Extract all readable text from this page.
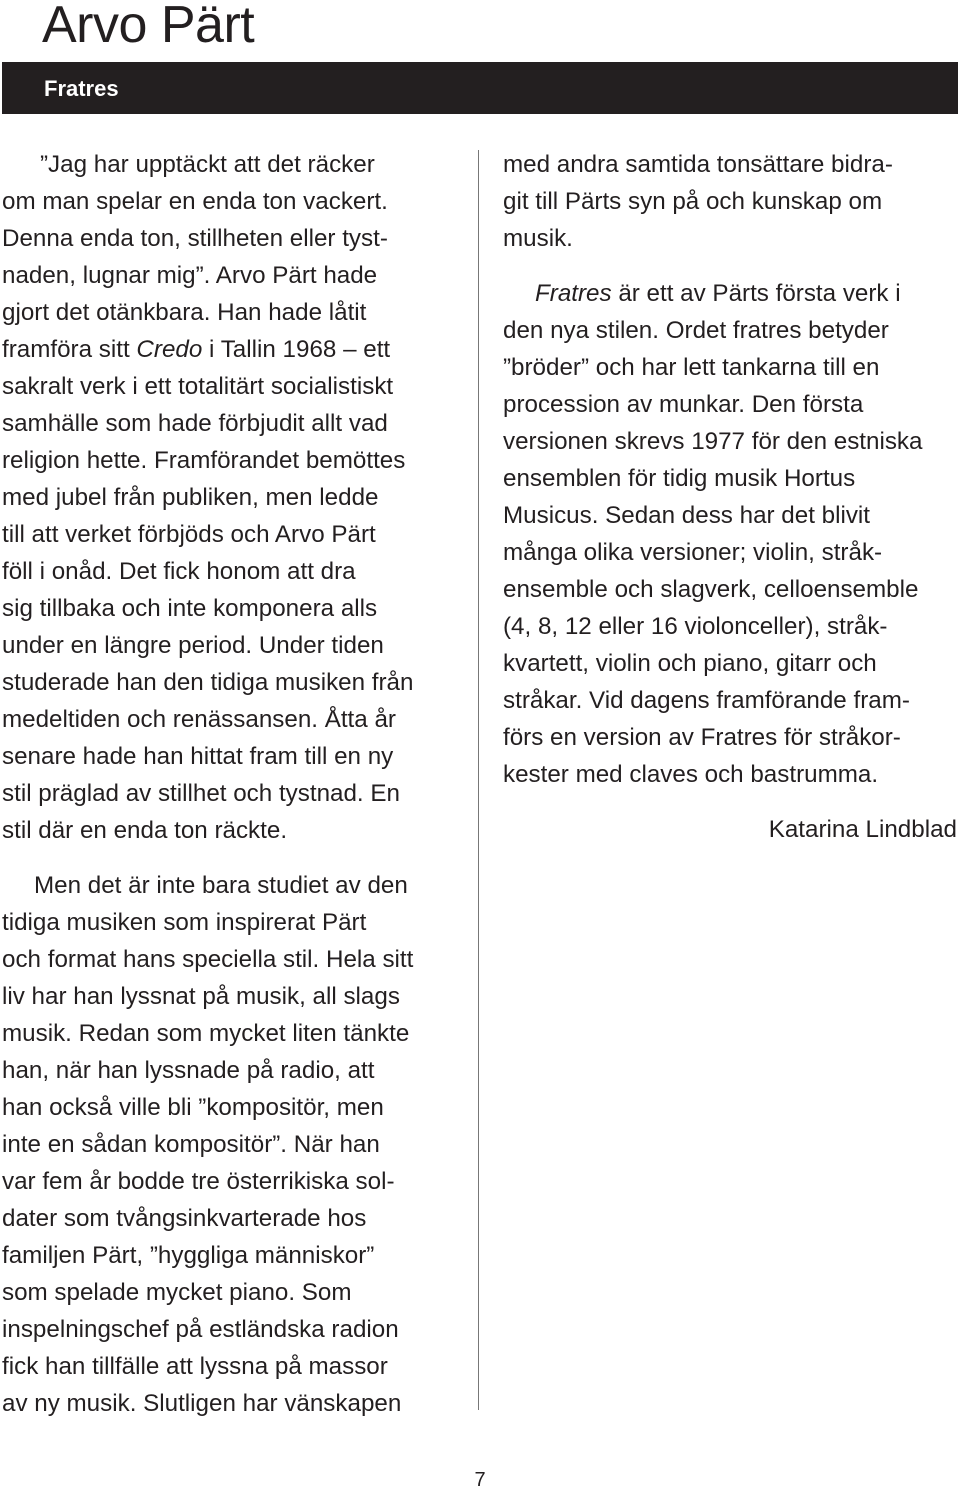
Arvo Pärt
Fratres
”Jag har upptäckt att det räcker
om man spelar en enda ton vackert.
Denna enda ton, stillheten eller tyst-
naden, lugnar mig”. Arvo Pärt hade
gjort det otänkbara. Han hade låtit
framföra sitt Credo i Tallin 1968 – ett
sakralt verk i ett totalitärt socialistiskt
samhälle som hade förbjudit allt vad
religion hette. Framförandet bemöttes
med jubel från publiken, men ledde
till att verket förbjöds och Arvo Pärt
föll i onåd. Det fick honom att dra
sig tillbaka och inte komponera alls
under en längre period. Under tiden
studerade han den tidiga musiken från
medeltiden och renässansen. Åtta år
senare hade han hittat fram till en ny
stil präglad av stillhet och tystnad. En
stil där en enda ton räckte.
Men det är inte bara studiet av den
tidiga musiken som inspirerat Pärt
och format hans speciella stil. Hela sitt
liv har han lyssnat på musik, all slags
musik. Redan som mycket liten tänkte
han, när han lyssnade på radio, att
han också ville bli ”kompositör, men
inte en sådan kompositör”. När han
var fem år bodde tre österrikiska sol-
dater som tvångsinkvarterade hos
familjen Pärt, ”hyggliga människor”
som spelade mycket piano. Som
inspelningschef på estländska radion
fick han tillfälle att lyssna på massor
av ny musik. Slutligen har vänskapen
med andra samtida tonsättare bidra-
git till Pärts syn på och kunskap om
musik.
Fratres är ett av Pärts första verk i
den nya stilen. Ordet fratres betyder
”bröder” och har lett tankarna till en
procession av munkar. Den första
versionen skrevs 1977 för den estniska
ensemblen för tidig musik Hortus
Musicus. Sedan dess har det blivit
många olika versioner; violin, stråk-
ensemble och slagverk, celloensemble
(4, 8, 12 eller 16 violonceller), stråk-
kvartett, violin och piano, gitarr och
stråkar. Vid dagens framförande fram-
förs en version av Fratres för stråkor-
kester med claves och bastrumma.
Katarina Lindblad
7
